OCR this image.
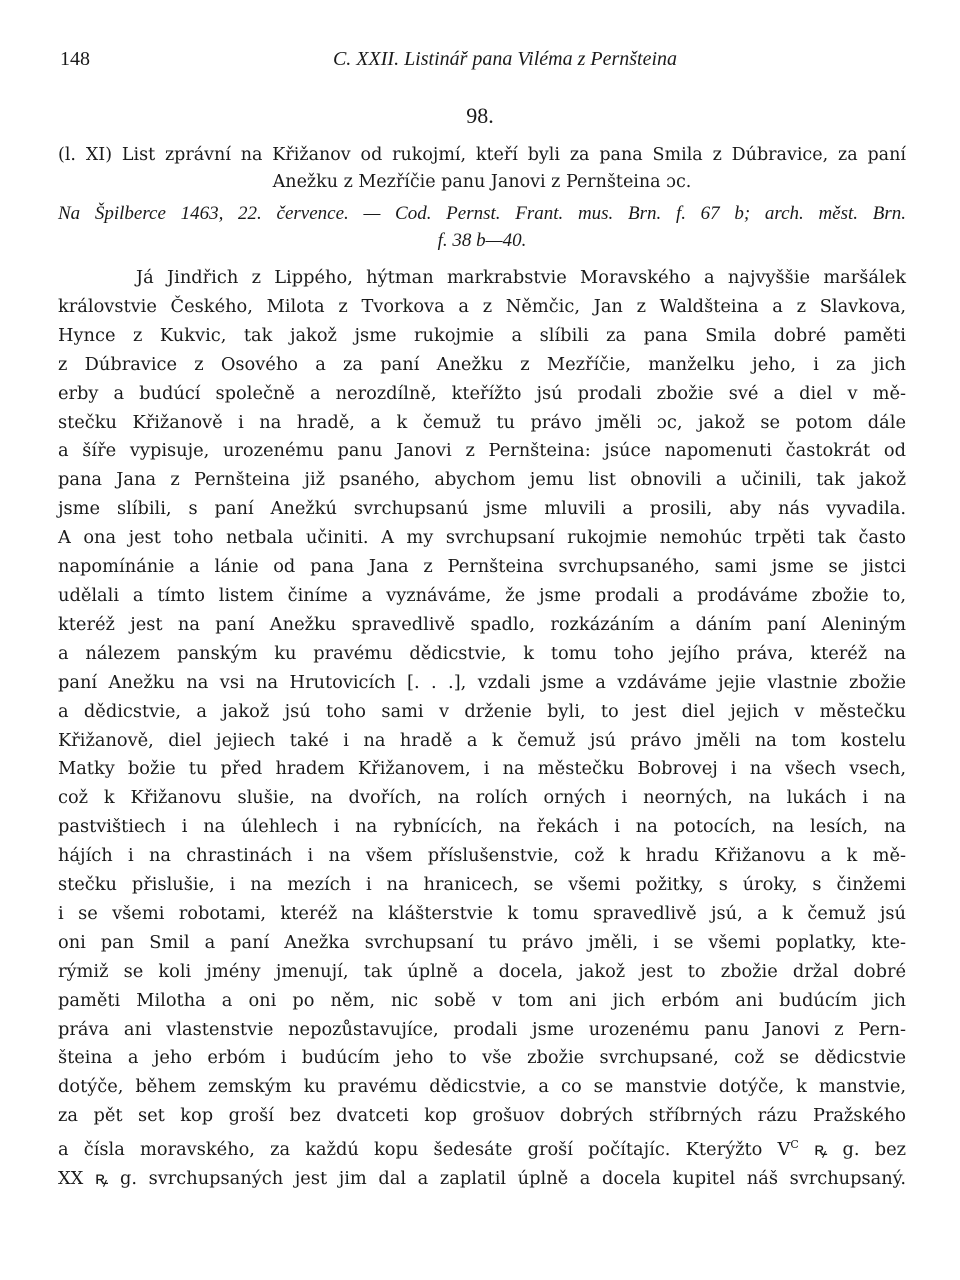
148	C. XXII. Listinář pana Viléma z Pernšteina
98.
(l. XI) List zprávní na Křižanov od rukojmí, kteří byli za pana Smila z Dúbravice, za paní
Anežku z Mezříčie panu Janovi z Pernšteina ɔc.
Na Špilberce 1463, 22. července. — Cod. Pernst. Frant. mus. Brn. f. 67 b; arch. měst. Brn.
f. 38 b—40.
Já Jindřich z Lippého, hýtman markrabstvie Moravského a najvyššie maršálek
královstvie Českého, Milota z Tvorkova a z Němčic, Jan z Waldšteina a z Slavkova,
Hynce z Kukvic, tak jakož jsme rukojmie a slíbili za pana Smila dobré paměti
z Dúbravice z Osového a za paní Anežku z Mezříčie, manželku jeho, i za jich
erby a budúcí společně a nerozdílně, kteřížto jsú prodali zbožie své a diel v mě-
stečku Křižanově i na hradě, a k čemuž tu právo jměli ɔc, jakož se potom dále
a šíře vypisuje, urozenému panu Janovi z Pernšteina: jsúce napomenuti častokrát od
pana Jana z Pernšteina již psaného, abychom jemu list obnovili a učinili, tak jakož
jsme slíbili, s paní Anežkú svrchupsanú jsme mluvili a prosili, aby nás vyvadila.
A ona jest toho netbala učiniti. A my svrchupsaní rukojmie nemohúc trpěti tak často
napomínánie a lánie od pana Jana z Pernšteina svrchupsaného, sami jsme se jistci
udělali a tímto listem činíme a vyznáváme, že jsme prodali a prodáváme zbožie to,
kteréž jest na paní Anežku spravedlivě spadlo, rozkázáním a dáním paní Aleniným
a nálezem panským ku pravému dědicstvie, k tomu toho jejího práva, kteréž na
paní Anežku na vsi na Hrutovicích [. . .], vzdali jsme a vzdáváme jejie vlastnie zbožie
a dědicstvie, a jakož jsú toho sami v drženie byli, to jest diel jejich v městečku
Křižanově, diel jejiech také i na hradě a k čemuž jsú právo jměli na tom kostelu
Matky božie tu před hradem Křižanovem, i na městečku Bobrovej i na všech vsech,
což k Křižanovu slušie, na dvořích, na rolích orných i neorných, na lukách i na
pastvištiech i na úlehlech i na rybnících, na řekách i na potocích, na lesích, na
hájích i na chrastinách i na všem příslušenstvie, což k hradu Křižanovu a k mě-
stečku přislušie, i na mezích i na hranicech, se všemi požitky, s úroky, s činžemi
i se všemi robotami, kteréž na klášterstvie k tomu spravedlivě jsú, a k čemuž jsú
oni pan Smil a paní Anežka svrchupsaní tu právo jměli, i se všemi poplatky, kte-
rýmiž se koli jmény jmenují, tak úplně a docela, jakož jest to zbožie držal dobré
paměti Milotha a oni po něm, nic sobě v tom ani jich erbóm ani budúcím jich
práva ani vlastenstvie nepozůstavujíce, prodali jsme urozenému panu Janovi z Pern-
šteina a jeho erbóm i budúcím jeho to vše zbožie svrchupsané, což se dědicstvie
dotýče, během zemským ku pravému dědicstvie, a co se manstvie dotýče, k manstvie,
za pět set kop groší bez dvatceti kop grošuov dobrých stříbrných rázu Pražského
a čísla moravského, za každú kopu šedesáte groší počítajíc. Kterýžto $V^C$ ꝶ g. bez
XX ꝶ g. svrchupsaných jest jim dal a zaplatil úplně a docela kupitel náš svrchupsaný.
